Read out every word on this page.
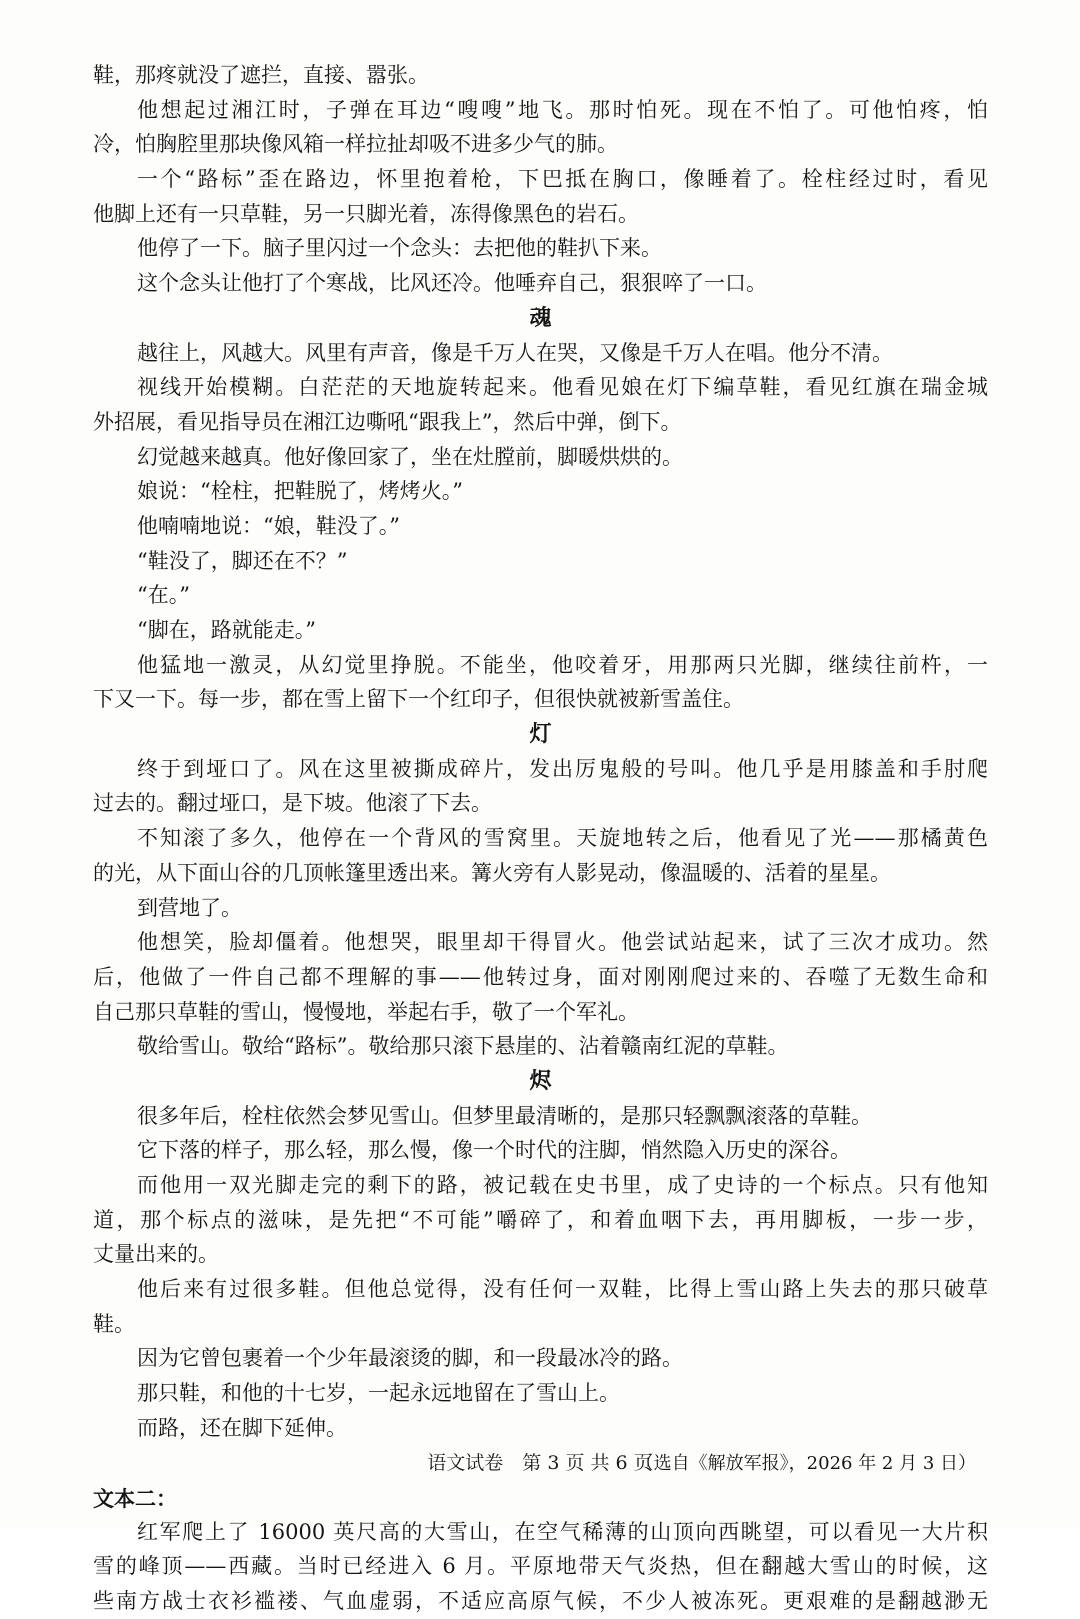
鞋，那疼就没了遮拦，直接、嚣张。
他想起过湘江时，子弹在耳边“嗖嗖”地飞。那时怕死。现在不怕了。可他怕疼，怕
冷，怕胸腔里那块像风箱一样拉扯却吸不进多少气的肺。
一个“路标”歪在路边，怀里抱着枪，下巴抵在胸口，像睡着了。栓柱经过时，看见
他脚上还有一只草鞋，另一只脚光着，冻得像黑色的岩石。
他停了一下。脑子里闪过一个念头：去把他的鞋扒下来。
这个念头让他打了个寒战，比风还冷。他唾弃自己，狠狠啐了一口。
魂
越往上，风越大。风里有声音，像是千万人在哭，又像是千万人在唱。他分不清。
视线开始模糊。白茫茫的天地旋转起来。他看见娘在灯下编草鞋，看见红旗在瑞金城
外招展，看见指导员在湘江边嘶吼“跟我上”，然后中弹，倒下。
幻觉越来越真。他好像回家了，坐在灶膛前，脚暖烘烘的。
娘说：“栓柱，把鞋脱了，烤烤火。”
他喃喃地说：“娘，鞋没了。”
“鞋没了，脚还在不？”
“在。”
“脚在，路就能走。”
他猛地一激灵，从幻觉里挣脱。不能坐，他咬着牙，用那两只光脚，继续往前杵，一
下又一下。每一步，都在雪上留下一个红印子，但很快就被新雪盖住。
灯
终于到垭口了。风在这里被撕成碎片，发出厉鬼般的号叫。他几乎是用膝盖和手肘爬
过去的。翻过垭口，是下坡。他滚了下去。
不知滚了多久，他停在一个背风的雪窝里。天旋地转之后，他看见了光——那橘黄色
的光，从下面山谷的几顶帐篷里透出来。篝火旁有人影晃动，像温暖的、活着的星星。
到营地了。
他想笑，脸却僵着。他想哭，眼里却干得冒火。他尝试站起来，试了三次才成功。然
后，他做了一件自己都不理解的事——他转过身，面对刚刚爬过来的、吞噬了无数生命和
自己那只草鞋的雪山，慢慢地，举起右手，敬了一个军礼。
敬给雪山。敬给“路标”。敬给那只滚下悬崖的、沾着赣南红泥的草鞋。
烬
很多年后，栓柱依然会梦见雪山。但梦里最清晰的，是那只轻飘飘滚落的草鞋。
它下落的样子，那么轻，那么慢，像一个时代的注脚，悄然隐入历史的深谷。
而他用一双光脚走完的剩下的路，被记载在史书里，成了史诗的一个标点。只有他知
道，那个标点的滋味，是先把“不可能”嚼碎了，和着血咽下去，再用脚板，一步一步，
丈量出来的。
他后来有过很多鞋。但他总觉得，没有任何一双鞋，比得上雪山路上失去的那只破草
鞋。
因为它曾包裹着一个少年最滚烫的脚，和一段最冰冷的路。
那只鞋，和他的十七岁，一起永远地留在了雪山上。
而路，还在脚下延伸。
（选自《解放军报》，2026 年 2 月 3 日）
文本二：
红军爬上了 16000 英尺高的大雪山，在空气稀薄的山顶向西眺望，可以看见一大片积
雪的峰顶——西藏。当时已经进入 6 月。平原地带天气炎热，但在翻越大雪山的时候，这
些南方战士衣衫褴褛、气血虚弱，不适应高原气候，不少人被冻死。更艰难的是翻越渺无
语文试卷　第 3 页 共 6 页
